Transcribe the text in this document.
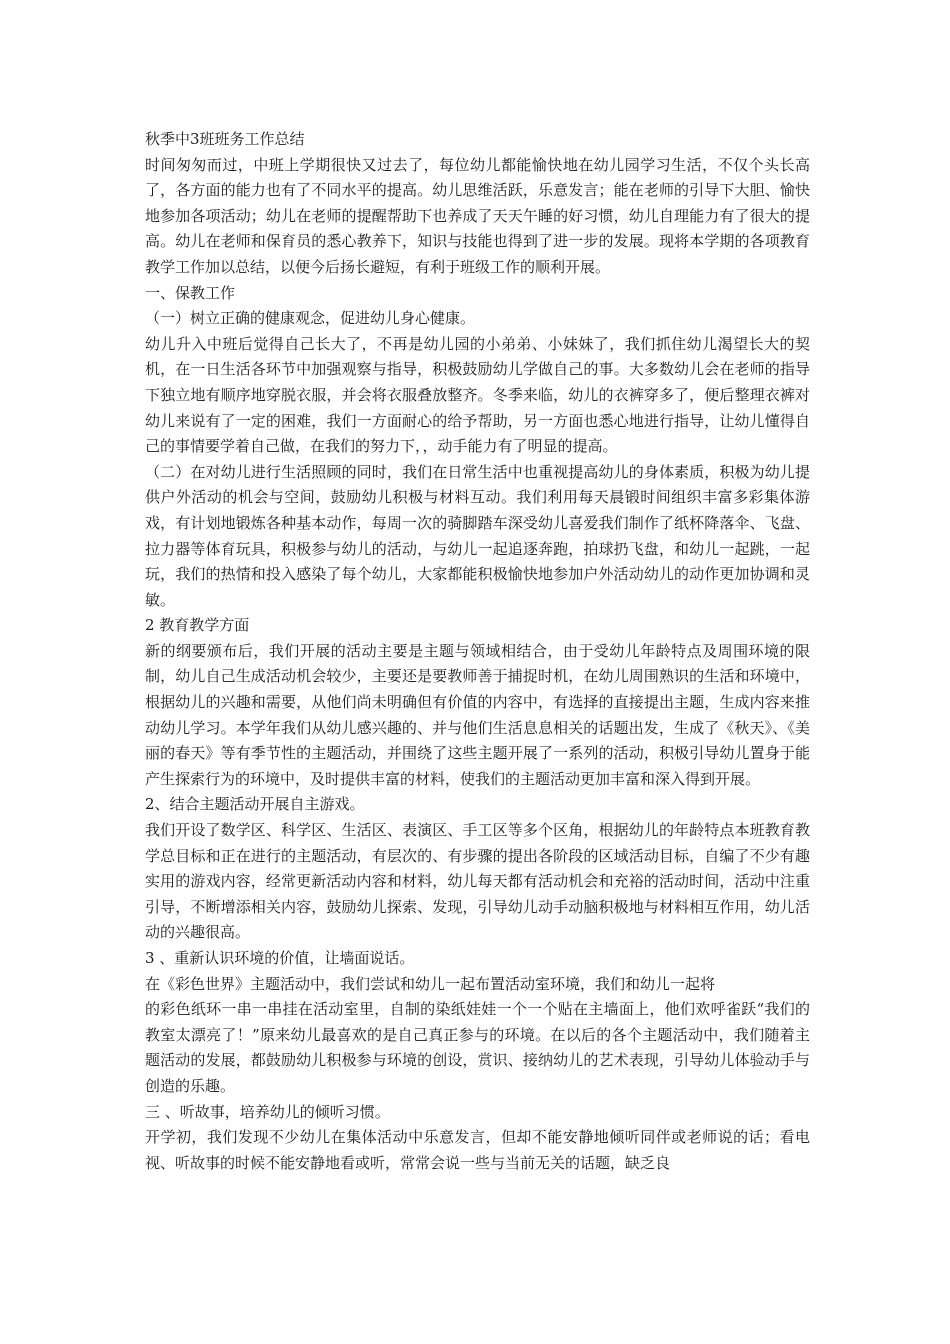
秋季中3班班务工作总结

时间匆匆而过，中班上学期很快又过去了，每位幼儿都能愉快地在幼儿园学习生活，不仅个头长高了，各方面的能力也有了不同水平的提高。幼儿思维活跃，乐意发言；能在老师的引导下大胆、愉快地参加各项活动；幼儿在老师的提醒帮助下也养成了天天午睡的好习惯，幼儿自理能力有了很大的提高。幼儿在老师和保育员的悉心教养下，知识与技能也得到了进一步的发展。现将本学期的各项教育教学工作加以总结，以便今后扬长避短，有利于班级工作的顺利开展。

一、保教工作

（一）树立正确的健康观念，促进幼儿身心健康。

幼儿升入中班后觉得自己长大了，不再是幼儿园的小弟弟、小妹妹了，我们抓住幼儿渴望长大的契机，在一日生活各环节中加强观察与指导，积极鼓励幼儿学做自己的事。大多数幼儿会在老师的指导下独立地有顺序地穿脱衣服，并会将衣服叠放整齐。冬季来临，幼儿的衣裤穿多了，便后整理衣裤对幼儿来说有了一定的困难，我们一方面耐心的给予帮助，另一方面也悉心地进行指导，让幼儿懂得自己的事情要学着自己做，在我们的努力下，，动手能力有了明显的提高。

（二）在对幼儿进行生活照顾的同时，我们在日常生活中也重视提高幼儿的身体素质，积极为幼儿提供户外活动的机会与空间，鼓励幼儿积极与材料互动。我们利用每天晨锻时间组织丰富多彩集体游戏，有计划地锻炼各种基本动作，每周一次的骑脚踏车深受幼儿喜爱我们制作了纸杯降落伞、飞盘、拉力器等体育玩具，积极参与幼儿的活动，与幼儿一起追逐奔跑，拍球扔飞盘，和幼儿一起跳，一起玩，我们的热情和投入感染了每个幼儿，大家都能积极愉快地参加户外活动幼儿的动作更加协调和灵敏。

2 教育教学方面

新的纲要颁布后，我们开展的活动主要是主题与领域相结合，由于受幼儿年龄特点及周围环境的限制，幼儿自己生成活动机会较少，主要还是要教师善于捕捉时机，在幼儿周围熟识的生活和环境中，根据幼儿的兴趣和需要，从他们尚未明确但有价值的内容中，有选择的直接提出主题，生成内容来推动幼儿学习。本学年我们从幼儿感兴趣的、并与他们生活息息相关的话题出发，生成了《秋天》、《美丽的春天》等有季节性的主题活动，并围绕了这些主题开展了一系列的活动，积极引导幼儿置身于能产生探索行为的环境中，及时提供丰富的材料，使我们的主题活动更加丰富和深入得到开展。

2、结合主题活动开展自主游戏。

我们开设了数学区、科学区、生活区、表演区、手工区等多个区角，根据幼儿的年龄特点本班教育教学总目标和正在进行的主题活动，有层次的、有步骤的提出各阶段的区域活动目标，自编了不少有趣实用的游戏内容，经常更新活动内容和材料，幼儿每天都有活动机会和充裕的活动时间，活动中注重引导，不断增添相关内容，鼓励幼儿探索、发现，引导幼儿动手动脑积极地与材料相互作用，幼儿活动的兴趣很高。

3 、重新认识环境的价值，让墙面说话。

在《彩色世界》主题活动中，我们尝试和幼儿一起布置活动室环境，我们和幼儿一起将

的彩色纸环一串一串挂在活动室里，自制的染纸娃娃一个一个贴在主墙面上，他们欢呼雀跃“我们的教室太漂亮了！”原来幼儿最喜欢的是自己真正参与的环境。在以后的各个主题活动中，我们随着主题活动的发展，都鼓励幼儿积极参与环境的创设，赏识、接纳幼儿的艺术表现，引导幼儿体验动手与创造的乐趣。

三 、听故事，培养幼儿的倾听习惯。

开学初，我们发现不少幼儿在集体活动中乐意发言，但却不能安静地倾听同伴或老师说的话；看电视、听故事的时候不能安静地看或听，常常会说一些与当前无关的话题，缺乏良
